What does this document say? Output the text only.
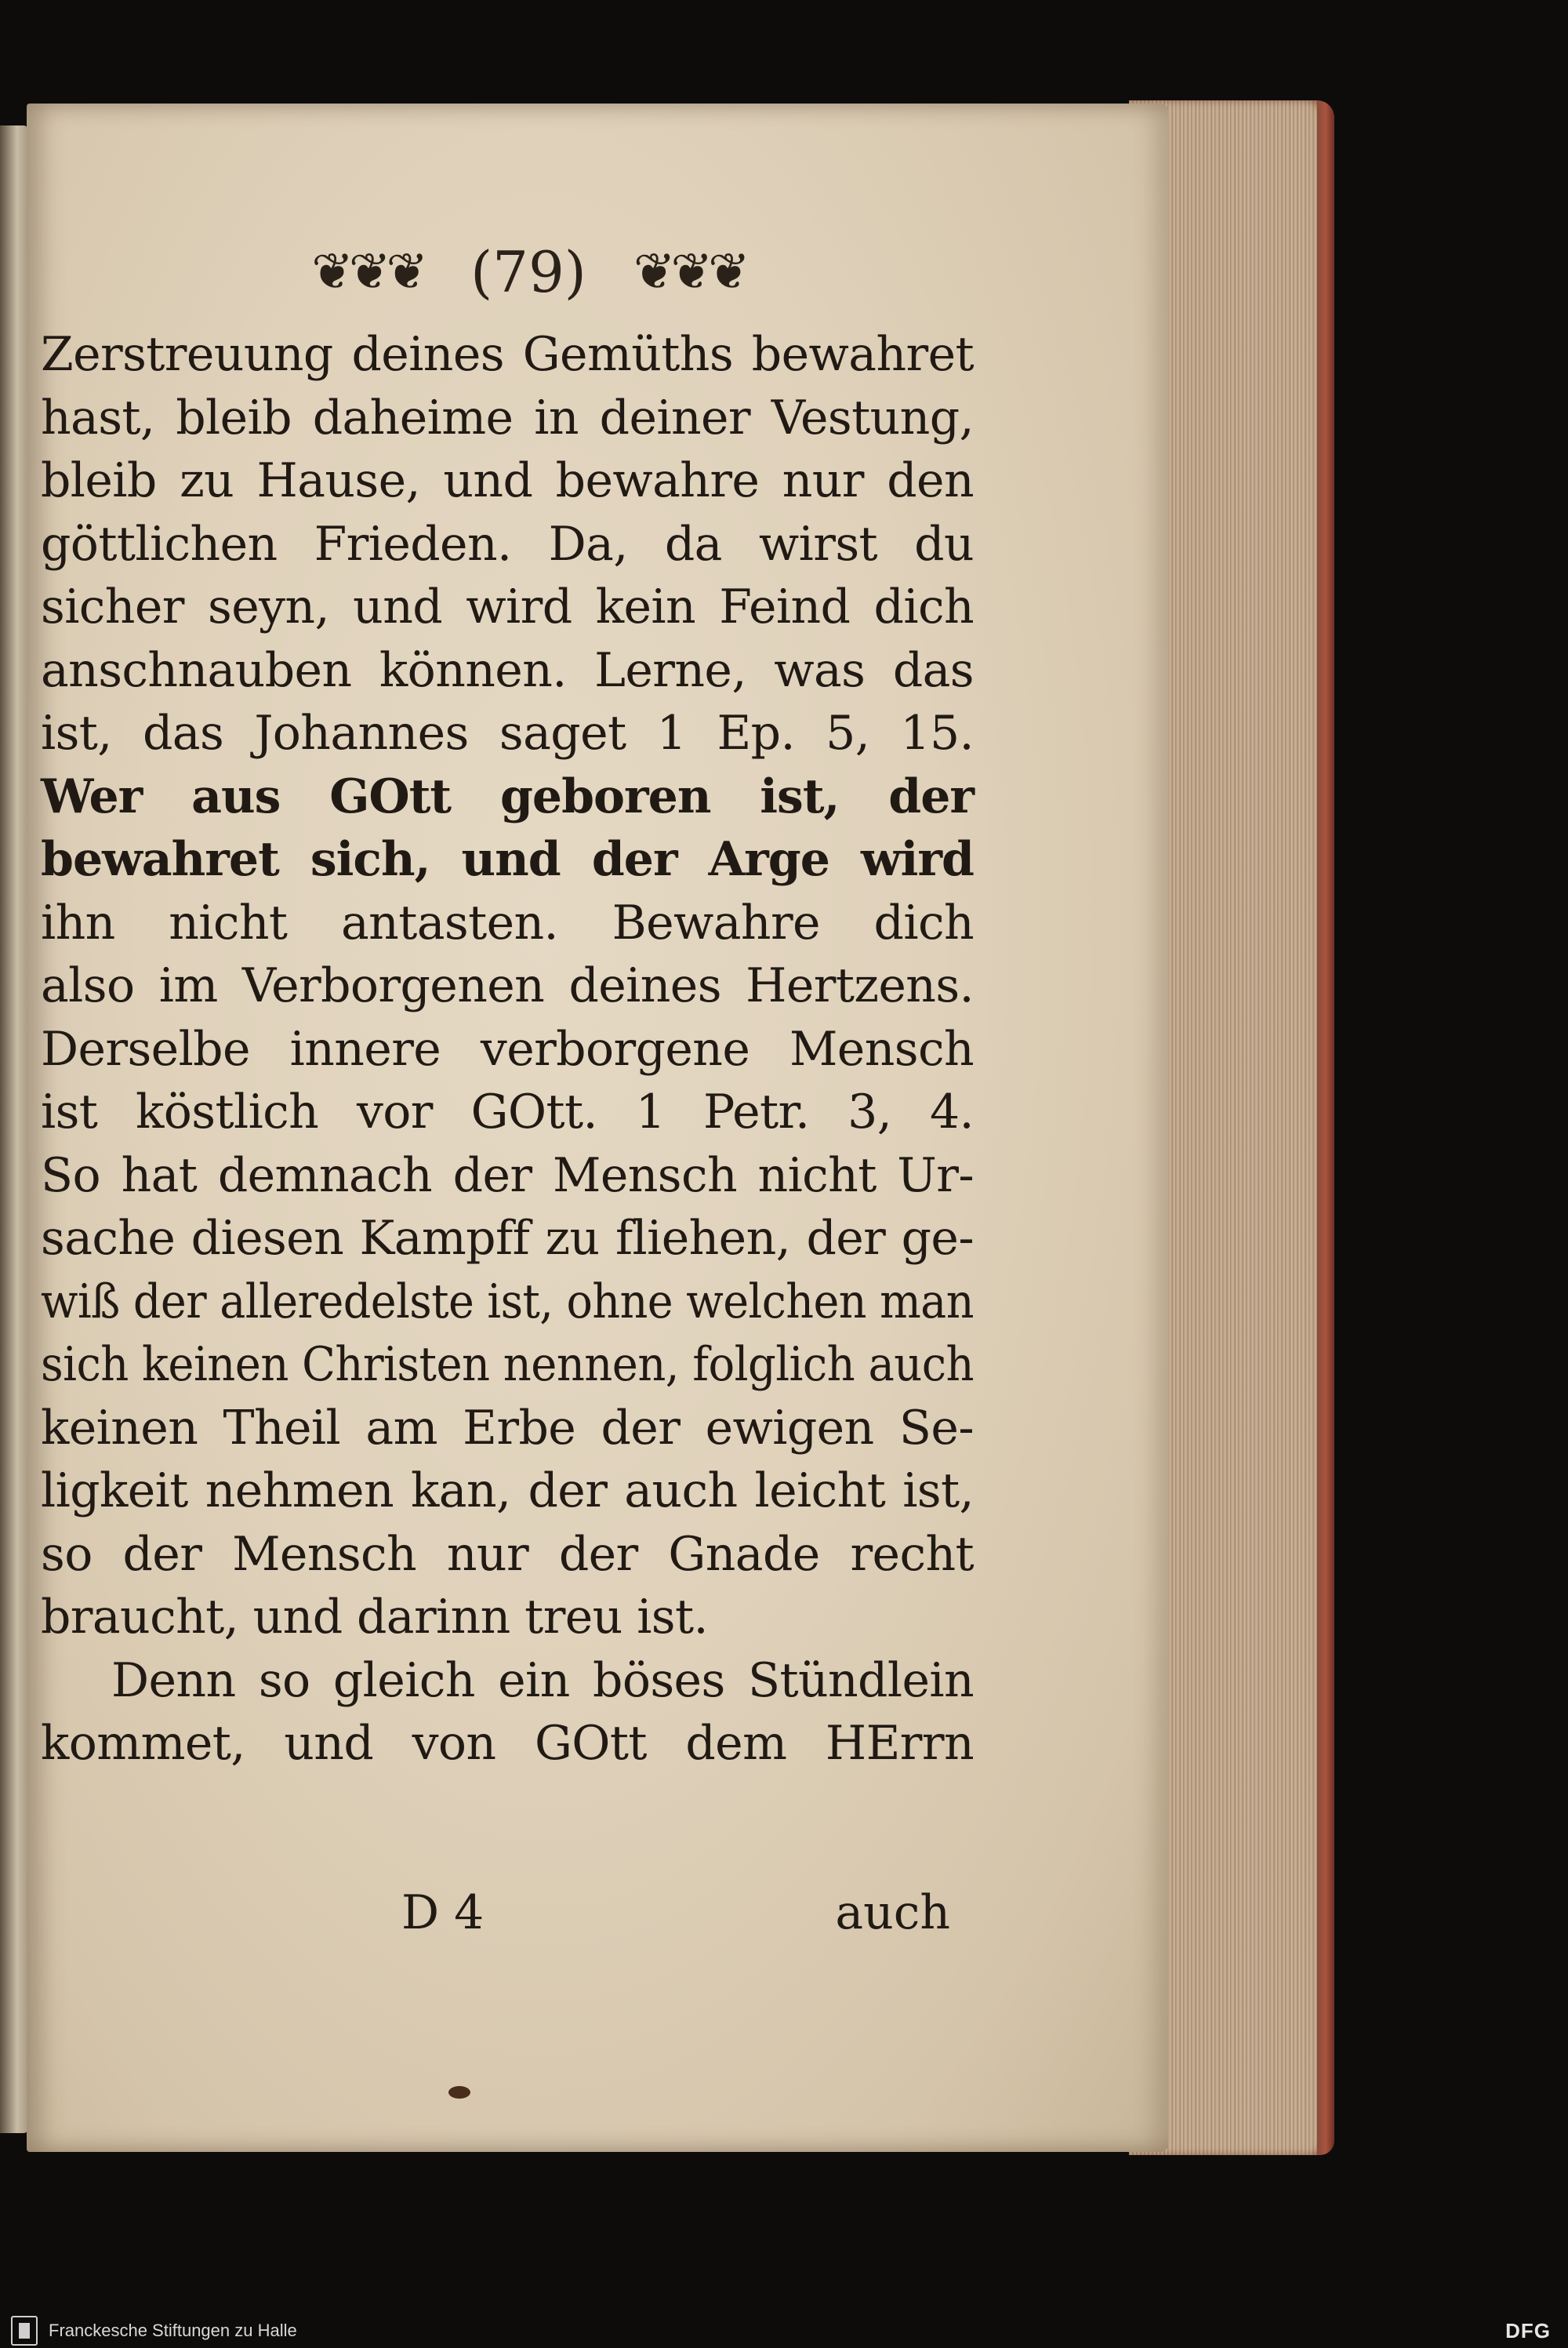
❦❦❦ (79) ❦❦❦
Zerstreuung deines Gemüths bewahret
hast, bleib daheime in deiner Vestung,
bleib zu Hause, und bewahre nur den
göttlichen Frieden. Da, da wirst du
sicher seyn, und wird kein Feind dich
anschnauben können. Lerne, was das
ist, das Johannes saget 1 Ep. 5, 15.
Wer aus GOtt geboren ist, der
bewahret sich, und der Arge wird
ihn nicht antasten. Bewahre dich
also im Verborgenen deines Hertzens.
Derselbe innere verborgene Mensch
ist köstlich vor GOtt. 1 Petr. 3, 4.
So hat demnach der Mensch nicht Ur-
sache diesen Kampff zu fliehen, der ge-
wiß der alleredelste ist, ohne welchen man
sich keinen Christen nennen, folglich auch
keinen Theil am Erbe der ewigen Se-
ligkeit nehmen kan, der auch leicht ist,
so der Mensch nur der Gnade recht
braucht, und darinn treu ist.
Denn so gleich ein böses Stündlein
kommet, und von GOtt dem HErrn
D 4	auch
Franckesche Stiftungen zu Halle	DFG
